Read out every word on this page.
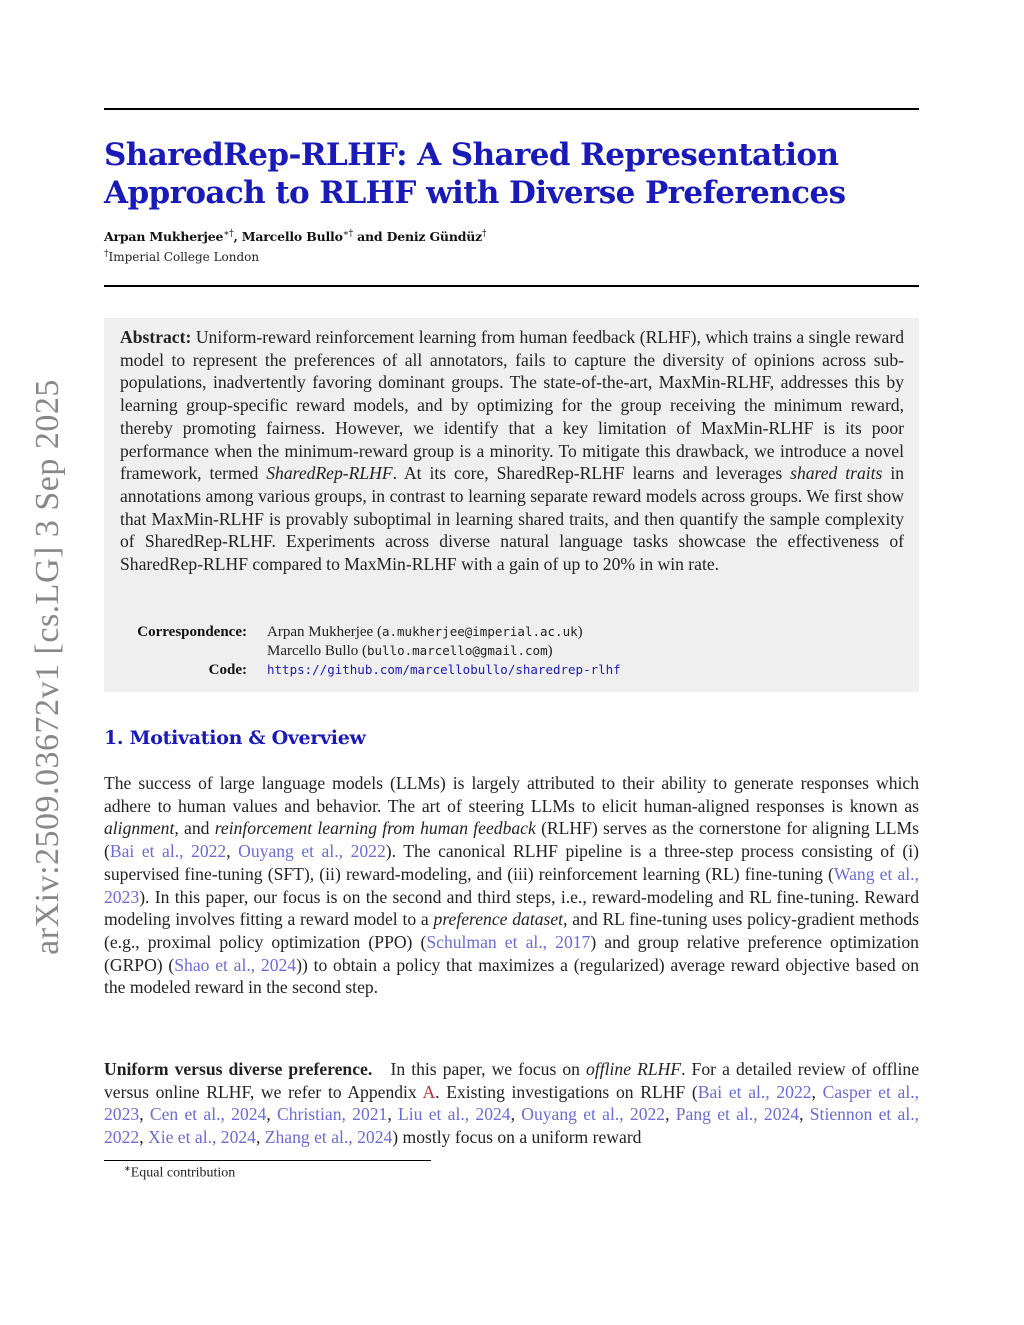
arXiv:2509.03672v1 [cs.LG] 3 Sep 2025
SharedRep-RLHF: A Shared Representation Approach to RLHF with Diverse Preferences
Arpan Mukherjee∗†, Marcello Bullo∗† and Deniz Gündüz†
†Imperial College London

Abstract: Uniform-reward reinforcement learning from human feedback (RLHF), which trains a single reward model to represent the preferences of all annotators, fails to capture the diversity of opinions across sub-populations, inadvertently favoring dominant groups. The state-of-the-art, MaxMin-RLHF, addresses this by learning group-specific reward models, and by optimizing for the group receiving the minimum reward, thereby promoting fairness. However, we identify that a key limitation of MaxMin-RLHF is its poor performance when the minimum-reward group is a minority. To mitigate this drawback, we introduce a novel framework, termed SharedRep-RLHF. At its core, SharedRep-RLHF learns and leverages shared traits in annotations among various groups, in contrast to learning separate reward models across groups. We first show that MaxMin-RLHF is provably suboptimal in learning shared traits, and then quantify the sample complexity of SharedRep-RLHF. Experiments across diverse natural language tasks showcase the effectiveness of SharedRep-RLHF compared to MaxMin-RLHF with a gain of up to 20% in win rate.

Correspondence: Arpan Mukherjee (a.mukherjee@imperial.ac.uk)
Marcello Bullo (bullo.marcello@gmail.com)
Code: https://github.com/marcellobullo/sharedrep-rlhf
1. Motivation & Overview

The success of large language models (LLMs) is largely attributed to their ability to generate responses which adhere to human values and behavior. The art of steering LLMs to elicit human-aligned responses is known as alignment, and reinforcement learning from human feedback (RLHF) serves as the cornerstone for aligning LLMs (Bai et al., 2022, Ouyang et al., 2022). The canonical RLHF pipeline is a three-step process consisting of (i) supervised fine-tuning (SFT), (ii) reward-modeling, and (iii) reinforcement learning (RL) fine-tuning (Wang et al., 2023). In this paper, our focus is on the second and third steps, i.e., reward-modeling and RL fine-tuning. Reward modeling involves fitting a reward model to a preference dataset, and RL fine-tuning uses policy-gradient methods (e.g., proximal policy optimization (PPO) (Schulman et al., 2017) and group relative preference optimization (GRPO) (Shao et al., 2024)) to obtain a policy that maximizes a (regularized) average reward objective based on the modeled reward in the second step.

Uniform versus diverse preference.   In this paper, we focus on offline RLHF. For a detailed review of offline versus online RLHF, we refer to Appendix A. Existing investigations on RLHF (Bai et al., 2022, Casper et al., 2023, Cen et al., 2024, Christian, 2021, Liu et al., 2024, Ouyang et al., 2022, Pang et al., 2024, Stiennon et al., 2022, Xie et al., 2024, Zhang et al., 2024) mostly focus on a uniform reward

∗Equal contribution
